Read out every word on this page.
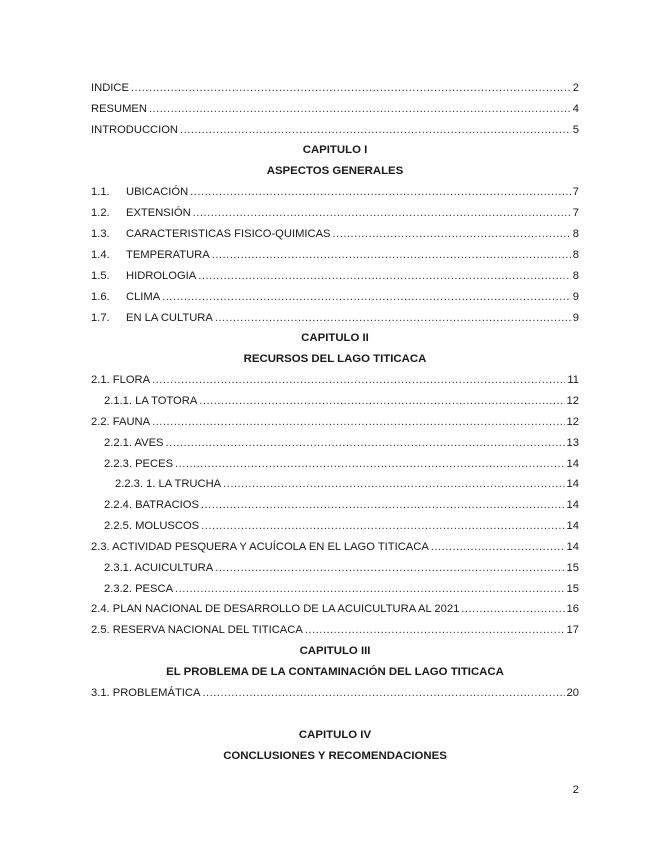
INDICE .....	2
RESUMEN .....	4
INTRODUCCION .....	5
CAPITULO I
ASPECTOS GENERALES
1.1.	UBICACIÓN .....	7
1.2.	EXTENSIÓN .....	7
1.3.	CARACTERISTICAS FISICO-QUIMICAS .....	8
1.4.	TEMPERATURA .....	8
1.5.	HIDROLOGIA .....	8
1.6.	CLIMA .....	9
1.7.	EN LA CULTURA .....	9
CAPITULO II
RECURSOS DEL LAGO TITICACA
2.1. FLORA .....	11
2.1.1. LA TOTORA .....	12
2.2. FAUNA .....	12
2.2.1. AVES .....	13
2.2.3. PECES .....	14
2.2.3. 1. LA TRUCHA .....	14
2.2.4. BATRACIOS .....	14
2.2.5. MOLUSCOS .....	14
2.3. ACTIVIDAD PESQUERA Y ACUÍCOLA EN EL LAGO TITICACA .....	14
2.3.1. ACUICULTURA .....	15
2.3.2. PESCA .....	15
2.4. PLAN NACIONAL DE DESARROLLO DE LA ACUICULTURA AL 2021 .....	16
2.5. RESERVA NACIONAL DEL TITICACA .....	17
CAPITULO III
EL PROBLEMA DE LA CONTAMINACIÓN DEL LAGO TITICACA
3.1. PROBLEMÁTICA .....	20
CAPITULO IV
CONCLUSIONES Y RECOMENDACIONES
2
